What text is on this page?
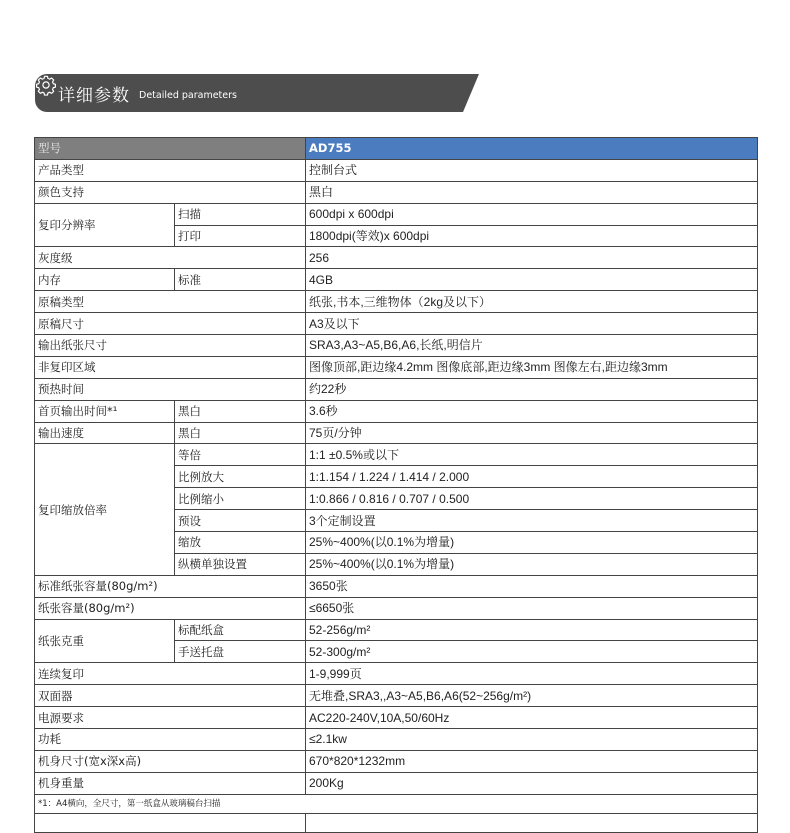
详细参数 Detailed parameters
型号		AD755
产品类型		控制台式
颜色支持		黑白
复印分辨率	扫描	600dpi x 600dpi
	打印	1800dpi(等效)x 600dpi
灰度级		256
内存	标准	4GB
原稿类型		纸张,书本,三维物体（2kg及以下）
原稿尺寸		A3及以下
输出纸张尺寸		SRA3,A3~A5,B6,A6,长纸,明信片
非复印区域		图像顶部,距边缘4.2mm 图像底部,距边缘3mm 图像左右,距边缘3mm
预热时间		约22秒
首页输出时间*¹	黑白	3.6秒
输出速度	黑白	75页/分钟
复印缩放倍率	等倍	1:1 ±0.5%或以下
	比例放大	1:1.154 / 1.224 / 1.414 / 2.000
	比例缩小	1:0.866 / 0.816 / 0.707 / 0.500
	预设	3个定制设置
	缩放	25%~400%(以0.1%为增量)
	纵横单独设置	25%~400%(以0.1%为增量)
标准纸张容量(80g/m²)		3650张
纸张容量(80g/m²)		≤6650张
纸张克重	标配纸盒	52-256g/m²
	手送托盘	52-300g/m²
连续复印		1-9,999页
双面器		无堆叠,SRA3,,A3~A5,B6,A6(52~256g/m²)
电源要求		AC220-240V,10A,50/60Hz
功耗		≤2.1kw
机身尺寸(宽x深x高)		670*820*1232mm
机身重量		200Kg
*1：A4横向，全尺寸，第一纸盒从玻璃稿台扫描		
